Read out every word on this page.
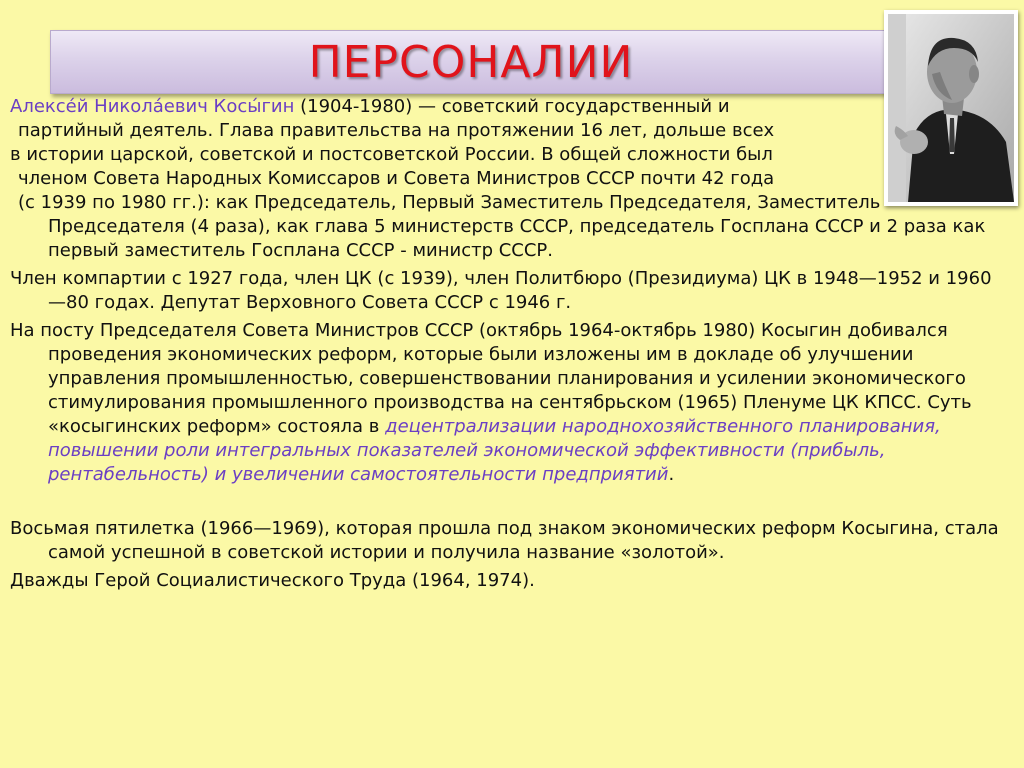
ПЕРСОНАЛИИ

Алексе́й Никола́евич Косы́гин (1904-1980) — советский государственный и

партийный деятель. Глава правительства на протяжении 16 лет, дольше всех

в истории царской, советской и постсоветской России. В общей сложности был

членом Совета Народных Комиссаров и Совета Министров СССР почти 42 года

(с 1939 по 1980 гг.): как Председатель, Первый Заместитель Председателя, Заместитель Председателя (4 раза), как глава 5 министерств СССР, председатель Госплана СССР и 2 раза как первый заместитель Госплана СССР - министр СССР.

Член компартии с 1927 года, член ЦК (с 1939), член Политбюро (Президиума) ЦК в 1948—1952 и 1960—80 годах. Депутат Верховного Совета СССР с 1946 г.

На посту Председателя Совета Министров СССР (октябрь 1964-октябрь 1980) Косыгин добивался проведения экономических реформ, которые были изложены им в докладе об улучшении управления промышленностью, совершенствовании планирования и усилении экономического стимулирования промышленного производства на сентябрьском (1965) Пленуме ЦК КПСС. Суть «косыгинских реформ» состояла в децентрализации народнохозяйственного планирования, повышении роли интегральных показателей экономической эффективности (прибыль, рентабельность) и увеличении самостоятельности предприятий.

Восьмая пятилетка (1966—1969), которая прошла под знаком экономических реформ Косыгина, стала самой успешной в советской истории и получила название «золотой».

Дважды Герой Социалистического Труда (1964, 1974).
